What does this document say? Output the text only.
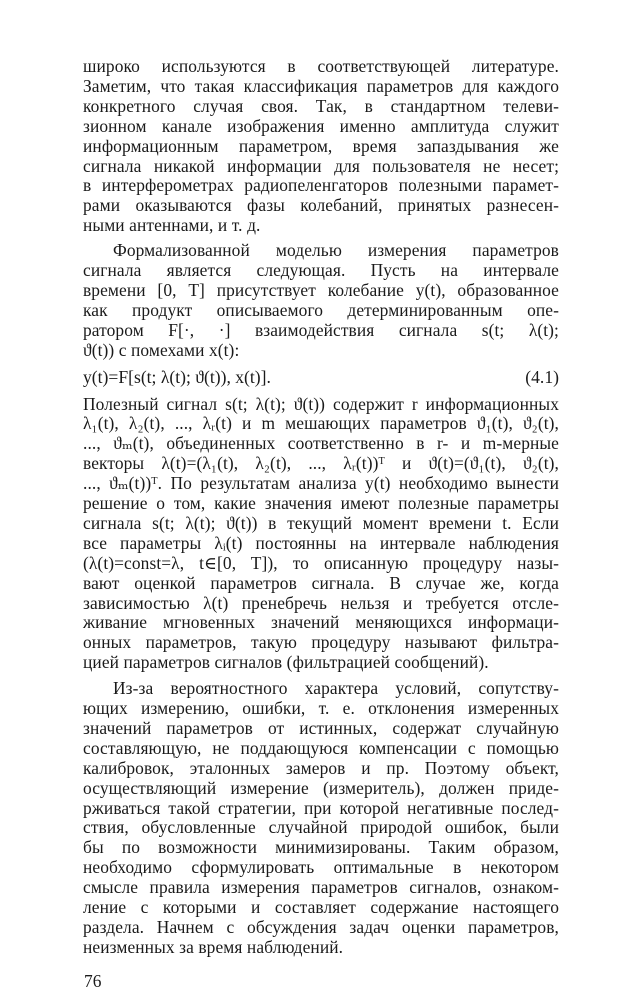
широко используются в соответствующей литературе.
Заметим, что такая классификация параметров для каждого
конкретного случая своя. Так, в стандартном телеви-
зионном канале изображения именно амплитуда служит
информационным параметром, время запаздывания же
сигнала никакой информации для пользователя не несет;
в интерферометрах радиопеленгаторов полезными парамет-
рами оказываются фазы колебаний, принятых разнесен-
ными антеннами, и т. д.
Формализованной моделью измерения параметров
сигнала является следующая. Пусть на интервале
времени [0, T] присутствует колебание y(t), образованное
как продукт описываемого детерминированным опе-
ратором F[·, ·] взаимодействия сигнала s(t; λ(t);
y(t)=F[s(t; λ(t); ϑ(t)), x(t)].	(4.1)
Полезный сигнал s(t; λ(t); ϑ(t)) содержит r информационных
λ₁(t), λ₂(t), ..., λᵣ(t) и m мешающих параметров ϑ₁(t), ϑ₂(t),
..., ϑₘ(t), объединенных соответственно в r- и m-мерные
векторы λ(t)=(λ₁(t), λ₂(t), ..., λᵣ(t))ᵀ и ϑ(t)=(ϑ₁(t), ϑ₂(t),
..., ϑₘ(t))ᵀ. По результатам анализа y(t) необходимо вынести
решение о том, какие значения имеют полезные параметры
сигнала s(t; λ(t); ϑ(t)) в текущий момент времени t. Если
все параметры λᵢ(t) постоянны на интервале наблюдения
(λ(t)=const=λ, t∈[0, T]), то описанную процедуру назы-
вают оценкой параметров сигнала. В случае же, когда
зависимостью λ(t) пренебречь нельзя и требуется отсле-
живание мгновенных значений меняющихся информаци-
онных параметров, такую процедуру называют фильтра-
цией параметров сигналов (фильтрацией сообщений).
Из-за вероятностного характера условий, сопутству-
ющих измерению, ошибки, т. е. отклонения измеренных
значений параметров от истинных, содержат случайную
составляющую, не поддающуюся компенсации с помощью
калибровок, эталонных замеров и пр. Поэтому объект,
осуществляющий измерение (измеритель), должен приде-
рживаться такой стратегии, при которой негативные послед-
ствия, обусловленные случайной природой ошибок, были
бы по возможности минимизированы. Таким образом,
76
ϑ(t)) с помехами x(t):
необходимо сформулировать оптимальные в некотором
смысле правила измерения параметров сигналов, ознаком-
ление с которыми и составляет содержание настоящего
раздела. Начнем с обсуждения задач оценки параметров,
неизменных за время наблюдений.
